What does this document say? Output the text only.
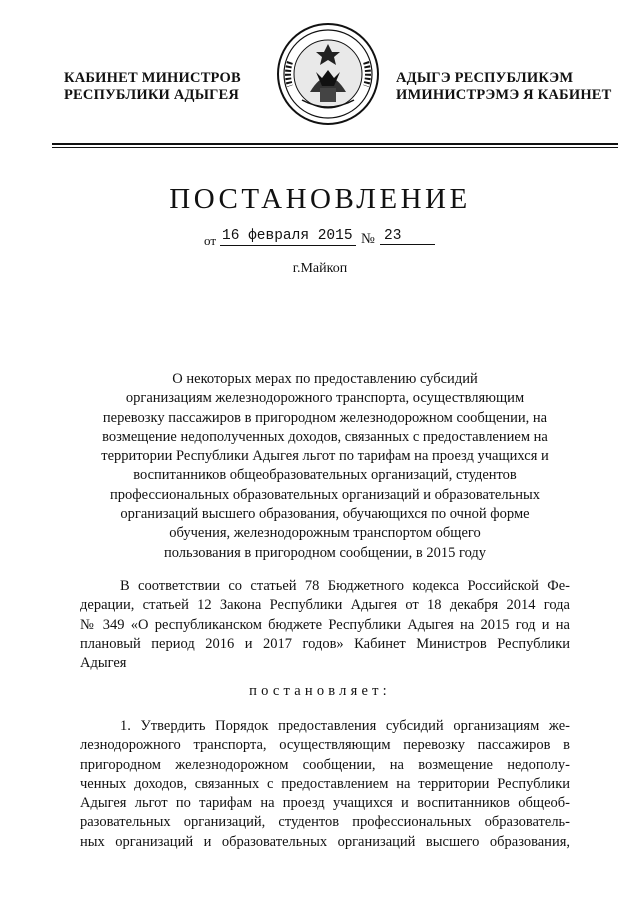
КАБИНЕТ МИНИСТРОВ
РЕСПУБЛИКИ АДЫГЕЯ
АДЫГЭ РЕСПУБЛИКЭМ
ИМИНИСТРЭМЭ Я КАБИНЕТ
ПОСТАНОВЛЕНИЕ
от 16 февраля 2015 № 23
г.Майкоп
О некоторых мерах по предоставлению субсидий
организациям железнодорожного транспорта, осуществляющим
перевозку пассажиров в пригородном железнодорожном сообщении, на
возмещение недополученных доходов, связанных с предоставлением на
территории Республики Адыгея льгот по тарифам на проезд учащихся и
воспитанников общеобразовательных организаций, студентов
профессиональных образовательных организаций и образовательных
организаций высшего образования, обучающихся по очной форме
обучения, железнодорожным транспортом общего
пользования в пригородном сообщении, в 2015 году
В соответствии со статьей 78 Бюджетного кодекса Российской Фе-
дерации, статьей 12 Закона Республики Адыгея от 18 декабря 2014 года
№ 349 «О республиканском бюджете Республики Адыгея на 2015 год и на
плановый период 2016 и 2017 годов» Кабинет Министров Республики
Адыгея
постановляет:
1. Утвердить Порядок предоставления субсидий организациям же-
лезнодорожного транспорта, осуществляющим перевозку пассажиров в
пригородном железнодорожном сообщении, на возмещение недополу-
ченных доходов, связанных с предоставлением на территории Республики
Адыгея льгот по тарифам на проезд учащихся и воспитанников общеоб-
разовательных организаций, студентов профессиональных образователь-
ных организаций и образовательных организаций высшего образования,
